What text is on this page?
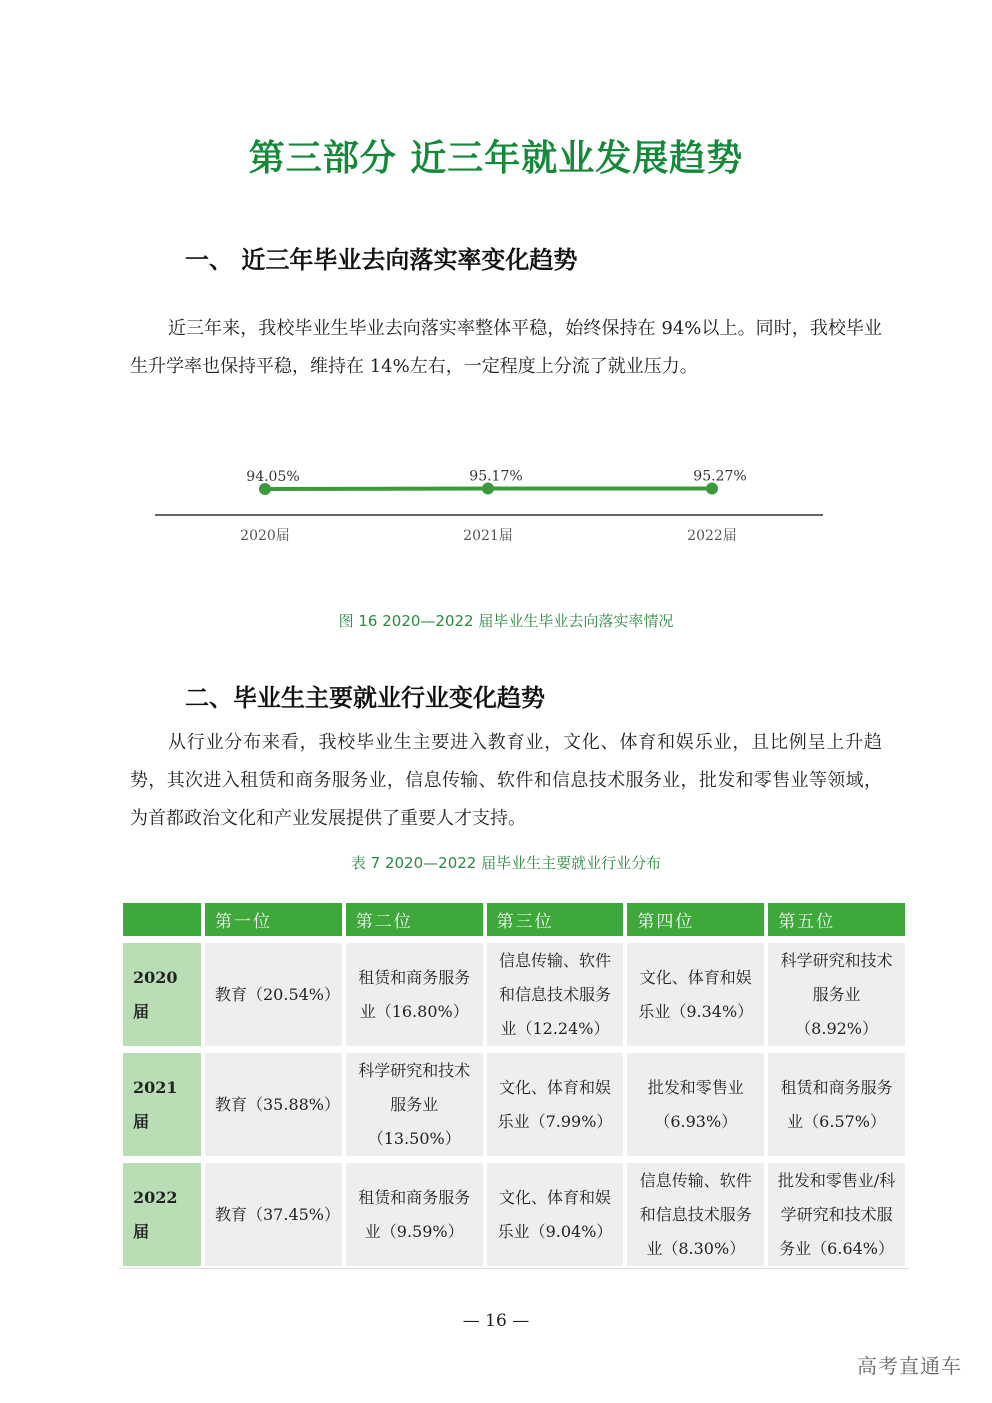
第三部分 近三年就业发展趋势
一、 近三年毕业去向落实率变化趋势
近三年来，我校毕业生毕业去向落实率整体平稳，始终保持在 94%以上。同时，我校毕业生升学率也保持平稳，维持在 14%左右，一定程度上分流了就业压力。
94.05%
2020届
95.17%
2021届
95.27%
2022届
图 16 2020—2022 届毕业生毕业去向落实率情况
二、毕业生主要就业行业变化趋势
从行业分布来看，我校毕业生主要进入教育业，文化、体育和娱乐业，且比例呈上升趋势，其次进入租赁和商务服务业，信息传输、软件和信息技术服务业，批发和零售业等领域，为首都政治文化和产业发展提供了重要人才支持。
表 7 2020—2022 届毕业生主要就业行业分布
	第一位	第二位	第三位	第四位	第五位
2020 届	教育（20.54%）	租赁和商务服务业（16.80%）	信息传输、软件和信息技术服务业（12.24%）	文化、体育和娱乐业（9.34%）	科学研究和技术服务业（8.92%）
2021 届	教育（35.88%）	科学研究和技术服务业（13.50%）	文化、体育和娱乐业（7.99%）	批发和零售业（6.93%）	租赁和商务服务业（6.57%）
2022 届	教育（37.45%）	租赁和商务服务业（9.59%）	文化、体育和娱乐业（9.04%）	信息传输、软件和信息技术服务业（8.30%）	批发和零售业/科学研究和技术服务业（6.64%）
— 16 —
高考直通车
